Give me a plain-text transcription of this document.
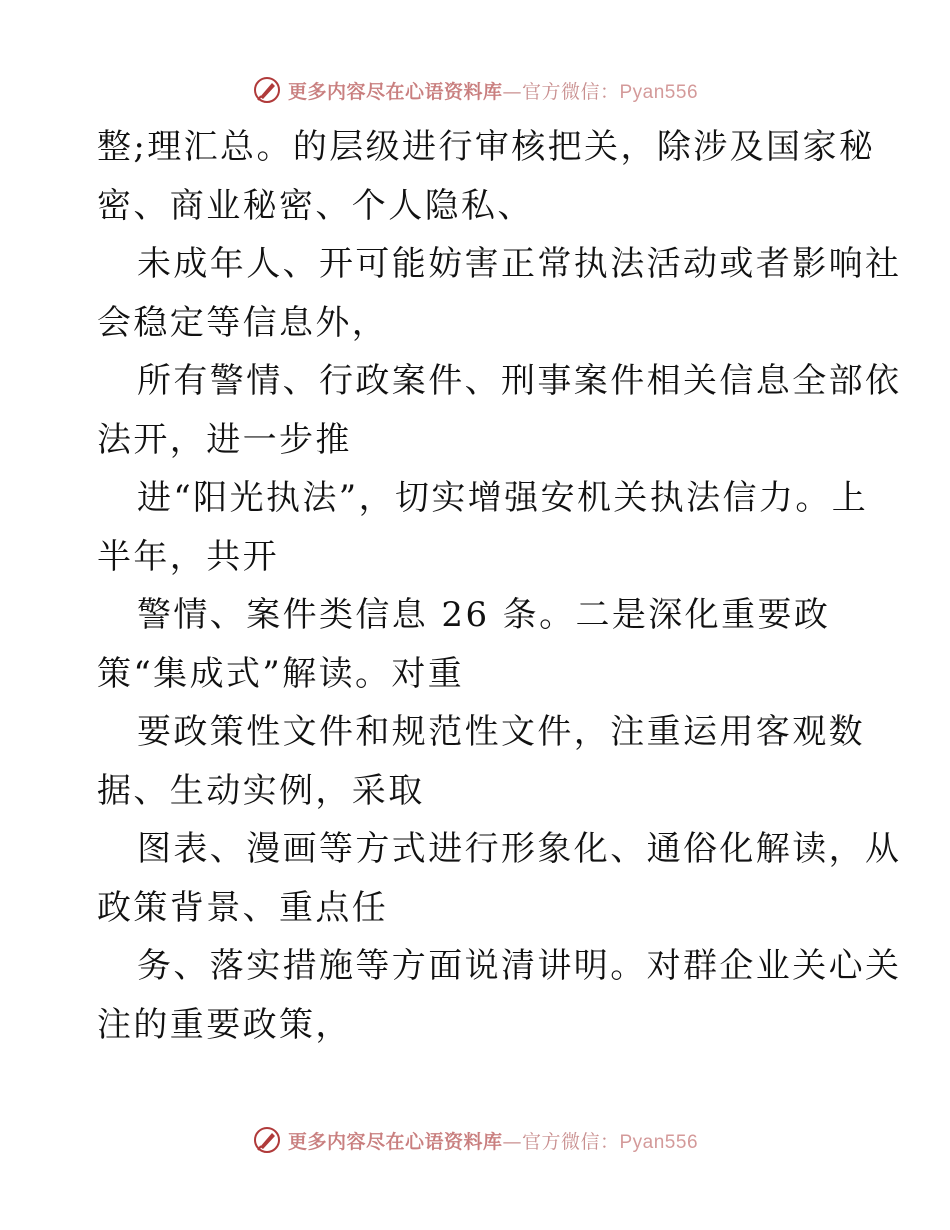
更多内容尽在心语资料库—官方微信：Pyan556
整;理汇总。的层级进行审核把关，除涉及国家秘
密、商业秘密、个人隐私、
未成年人、开可能妨害正常执法活动或者影响社
会稳定等信息外，
所有警情、行政案件、刑事案件相关信息全部依
法开，进一步推
进“阳光执法”，切实增强安机关执法信力。上
半年，共开
警情、案件类信息 26 条。二是深化重要政
策“集成式”解读。对重
要政策性文件和规范性文件，注重运用客观数
据、生动实例，采取
图表、漫画等方式进行形象化、通俗化解读，从
政策背景、重点任
务、落实措施等方面说清讲明。对群企业关心关
注的重要政策，
更多内容尽在心语资料库—官方微信：Pyan556
